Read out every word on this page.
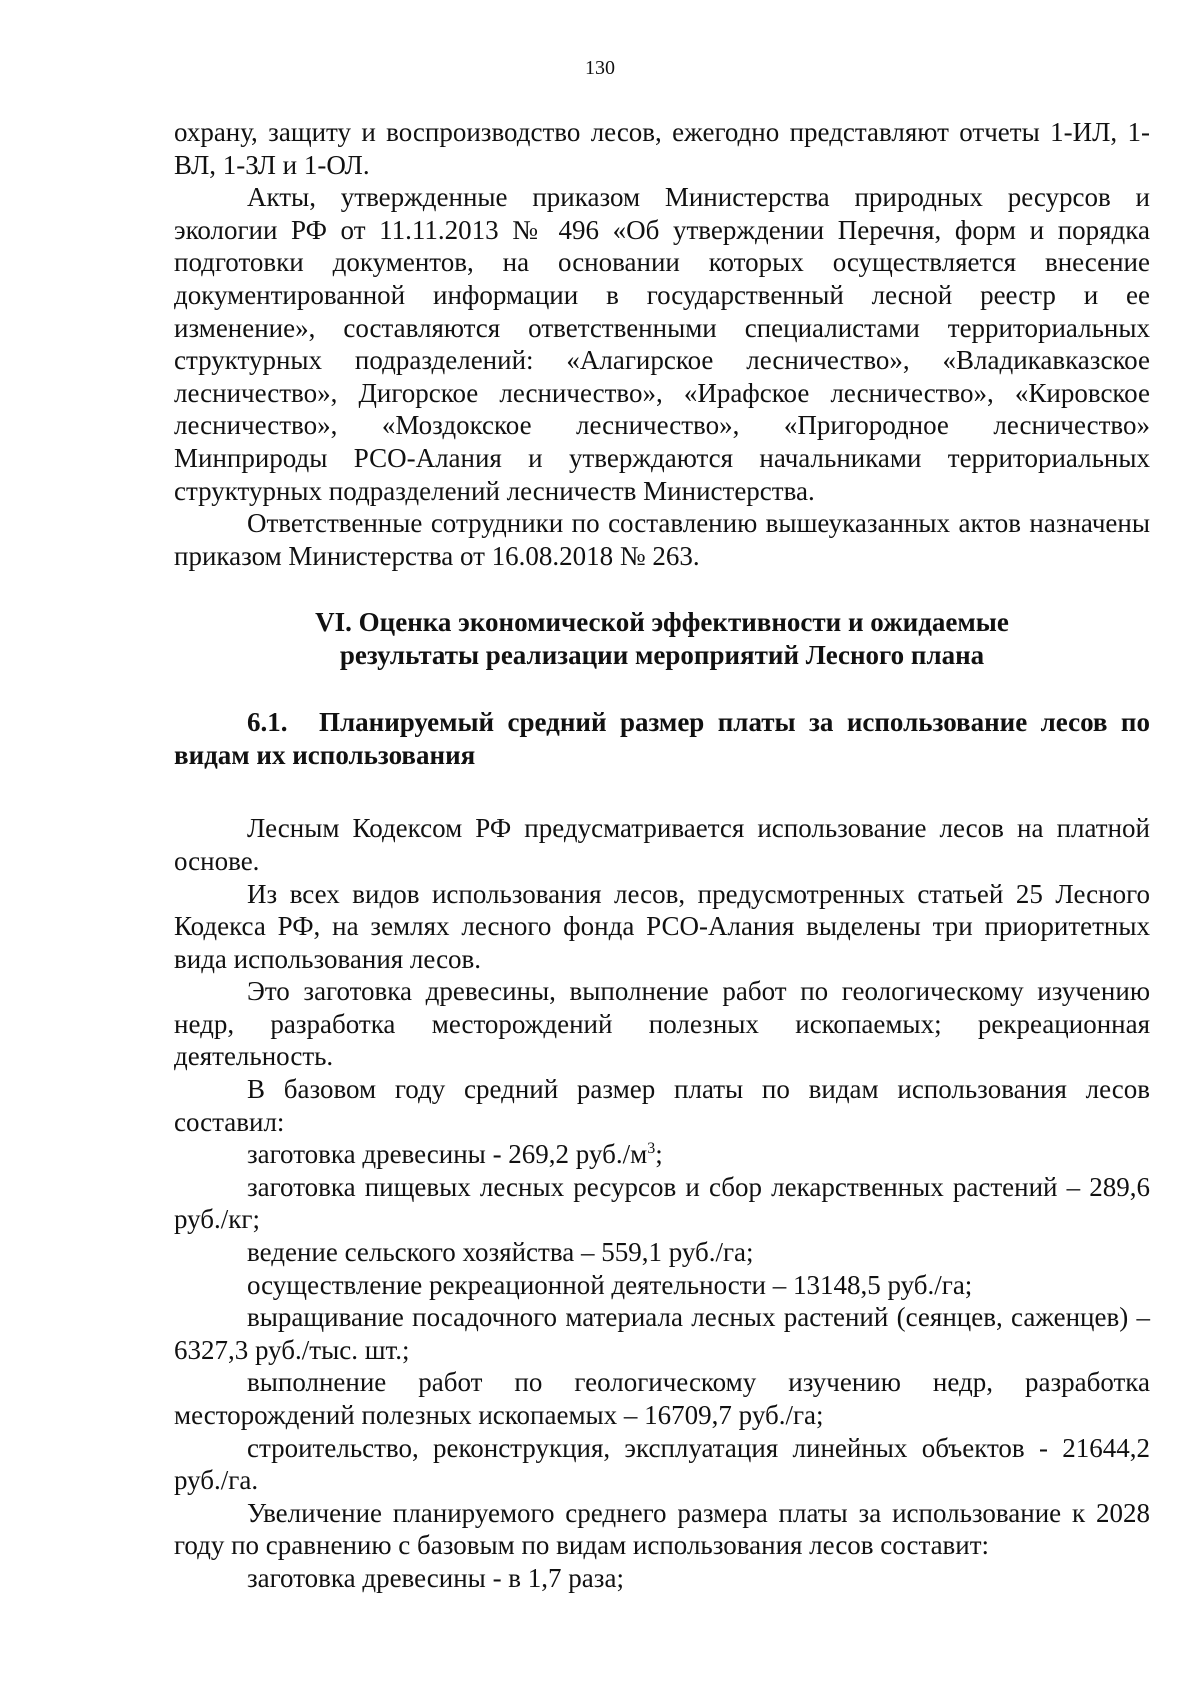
130

охрану, защиту и воспроизводство лесов, ежегодно представляют отчеты 1-ИЛ, 1-ВЛ, 1-ЗЛ и 1-ОЛ.

Акты, утвержденные приказом Министерства природных ресурсов и экологии РФ от 11.11.2013 № 496 «Об утверждении Перечня, форм и порядка подготовки документов, на основании которых осуществляется внесение документированной информации в государственный лесной реестр и ее изменение», составляются ответственными специалистами территориальных структурных подразделений: «Алагирское лесничество», «Владикавказское лесничество», Дигорское лесничество», «Ирафское лесничество», «Кировское лесничество», «Моздокское лесничество», «Пригородное лесничество» Минприроды РСО-Алания и утверждаются начальниками территориальных структурных подразделений лесничеств Министерства.

Ответственные сотрудники по составлению вышеуказанных актов назначены приказом Министерства от 16.08.2018 № 263.

VI. Оценка экономической эффективности и ожидаемые
результаты реализации мероприятий Лесного плана

6.1. Планируемый средний размер платы за использование лесов по видам их использования

Лесным Кодексом РФ предусматривается использование лесов на платной основе.

Из всех видов использования лесов, предусмотренных статьей 25 Лесного Кодекса РФ, на землях лесного фонда РСО-Алания выделены три приоритетных вида использования лесов.

Это заготовка древесины, выполнение работ по геологическому изучению недр, разработка месторождений полезных ископаемых; рекреационная деятельность.

В базовом году средний размер платы по видам использования лесов составил:

заготовка древесины - 269,2 $руб./м^3$;

заготовка пищевых лесных ресурсов и сбор лекарственных растений – 289,6 руб./кг;

ведение сельского хозяйства – 559,1 руб./га;

осуществление рекреационной деятельности – 13148,5 руб./га;

выращивание посадочного материала лесных растений (сеянцев, саженцев) – 6327,3 руб./тыс. шт.;

выполнение работ по геологическому изучению недр, разработка месторождений полезных ископаемых – 16709,7 руб./га;

строительство, реконструкция, эксплуатация линейных объектов - 21644,2 руб./га.

Увеличение планируемого среднего размера платы за использование к 2028 году по сравнению с базовым по видам использования лесов составит:

заготовка древесины - в 1,7 раза;
